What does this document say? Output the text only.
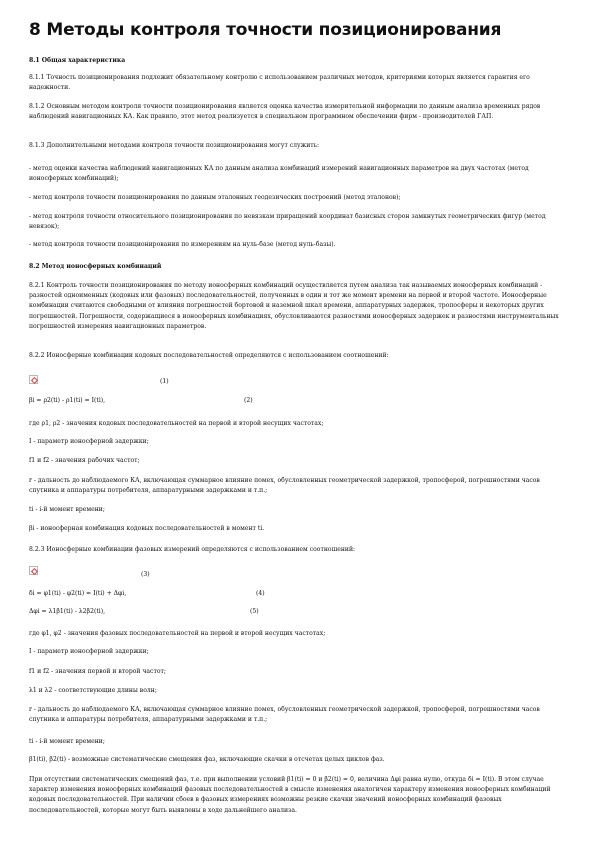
8 Методы контроля точности позиционирования
8.1 Общая характеристика
8.1.1 Точность позиционирования подлежит обязательному контролю с использованием различных методов, критериями которых является гарантия его надежности.
8.1.2 Основным методом контроля точности позиционирования является оценка качества измерительной информации по данным анализа временных рядов наблюдений навигационных КА. Как правило, этот метод реализуется в специальном программном обеспечении фирм - производителей ГАП.
8.1.3 Дополнительными методами контроля точности позиционирования могут служить:
- метод оценки качества наблюдений навигационных КА по данным анализа комбинаций измерений навигационных параметров на двух частотах (метод ионосферных комбинаций);
- метод контроля точности позиционирования по данным эталонных геодезических построений (метод эталонов);
- метод контроля точности относительного позиционирования по невязкам приращений координат базисных сторон замкнутых геометрических фигур (метод невязок);
- метод контроля точности позиционирования по измерениям на нуль-базе (метод нуль-базы).
8.2 Метод ионосферных комбинаций
8.2.1 Контроль точности позиционирования по методу ионосферных комбинаций осуществляется путем анализа так называемых ионосферных комбинаций - разностей одноименных (кодовых или фазовых) последовательностей, полученных в один и тот же момент времени на первой и второй частоте. Ионосферные комбинации считаются свободными от влияния погрешностей бортовой и наземной шкал времени, аппаратурных задержек, тропосферы и некоторых других погрешностей. Погрешности, содержащиеся в ионосферных комбинациях, обусловливаются разностями ионосферных задержек и разностями инструментальных погрешностей измерения навигационных параметров.
8.2.2 Ионосферные комбинации кодовых последовательностей определяются с использованием соотношений:
(1)
βi = ρ2(ti) - ρ1(ti) = I(ti),	(2)
где ρ1, ρ2 - значения кодовых последовательностей на первой и второй несущих частотах;
I - параметр ионосферной задержки;
f1 и f2 - значения рабочих частот;
r - дальность до наблюдаемого КА, включающая суммарное влияние помех, обусловленных геометрической задержкой, тропосферой, погрешностями часов спутника и аппаратуры потребителя, аппаратурными задержками и т.п.;
ti - i-й момент времени;
βi - ионосферная комбинация кодовых последовательностей в момент ti.
8.2.3 Ионосферные комбинации фазовых измерений определяются с использованием соотношений:
(3)
δi = φ1(ti) - φ2(ti) = I(ti) + Δφi,	(4)
Δφi = λ1β1(ti) - λ2β2(ti),	(5)
где φ1, φ2 - значения фазовых последовательностей на первой и второй несущих частотах;
I - параметр ионосферной задержки;
f1 и f2 - значения первой и второй частот;
λ1 и λ2 - соответствующие длины волн;
r - дальность до наблюдаемого КА, включающая суммарное влияние помех, обусловленных геометрической задержкой, тропосферой, погрешностями часов спутника и аппаратуры потребителя, аппаратурными задержками и т.п.;
ti - i-й момент времени;
β1(ti), β2(ti) - возможные систематические смещения фаз, включающие скачки в отсчетах целых циклов фаз.
При отсутствии систематических смещений фаз, т.е. при выполнении условий β1(ti) = 0 и β2(ti) = 0, величина Δφi равна нулю, откуда δi = I(ti). В этом случае характер изменения ионосферных комбинаций фазовых последовательностей в смысле изменения аналогичен характеру изменения ионосферных комбинаций кодовых последовательностей. При наличии сбоев в фазовых измерениях возможны резкие скачки значений ионосферных комбинаций фазовых последовательностей, которые могут быть выявлены в ходе дальнейшего анализа.
